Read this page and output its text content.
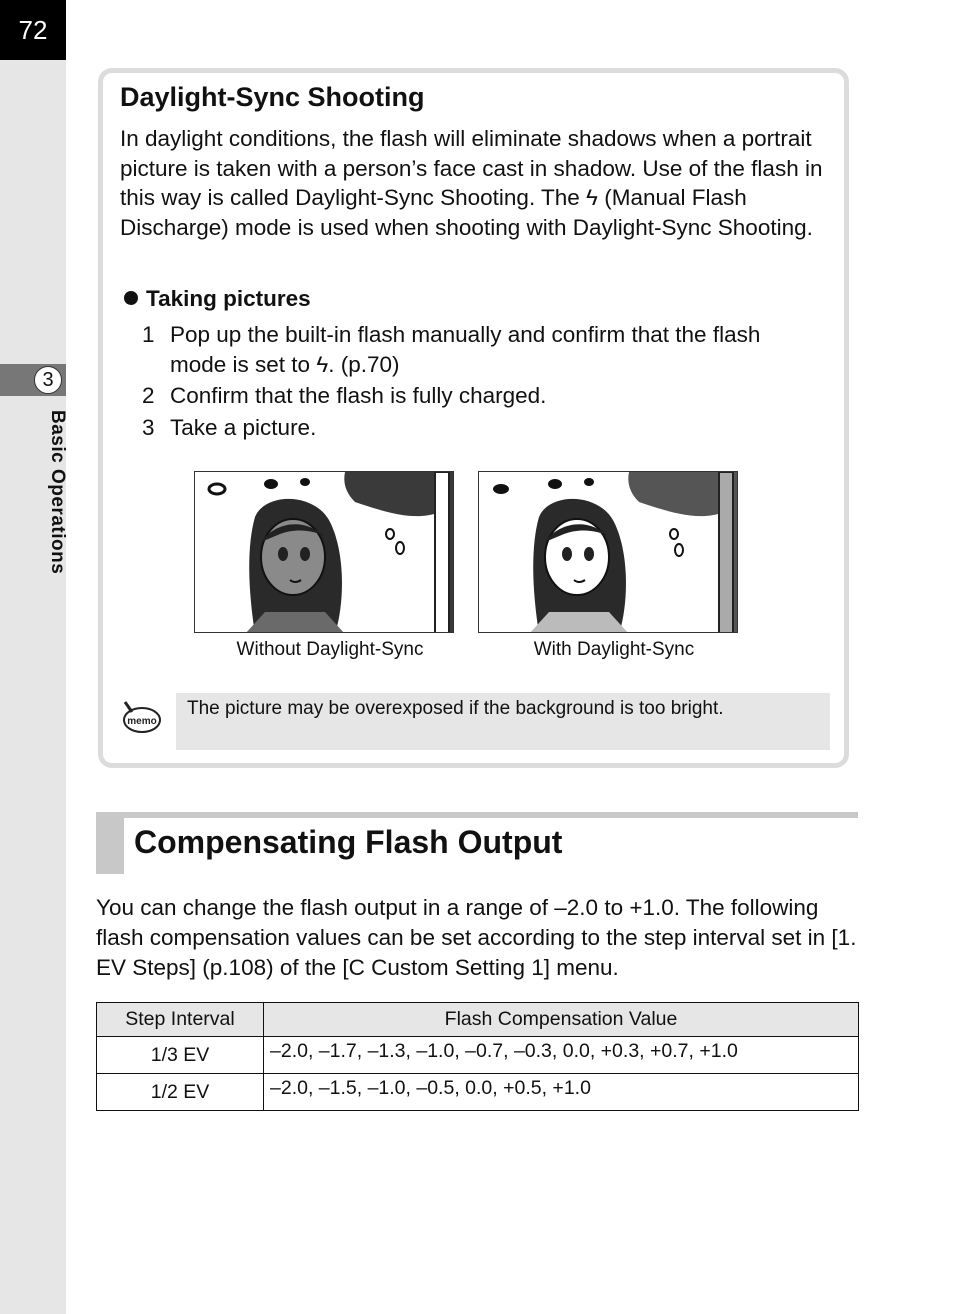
72
3
Basic Operations
Daylight-Sync Shooting
In daylight conditions, the flash will eliminate shadows when a portrait picture is taken with a person’s face cast in shadow. Use of the flash in this way is called Daylight-Sync Shooting. The ϟ (Manual Flash Discharge) mode is used when shooting with Daylight-Sync Shooting.
Taking pictures
1 Pop up the built-in flash manually and confirm that the flash mode is set to ϟ. (p.70)
2 Confirm that the flash is fully charged.
3 Take a picture.
Without Daylight-Sync	With Daylight-Sync
memo
The picture may be overexposed if the background is too bright.
Compensating Flash Output
You can change the flash output in a range of –2.0 to +1.0. The following flash compensation values can be set according to the step interval set in [1. EV Steps] (p.108) of the [C Custom Setting 1] menu.
Step Interval	Flash Compensation Value
1/3 EV	–2.0, –1.7, –1.3, –1.0, –0.7, –0.3, 0.0, +0.3, +0.7, +1.0
1/2 EV	–2.0, –1.5, –1.0, –0.5, 0.0, +0.5, +1.0
